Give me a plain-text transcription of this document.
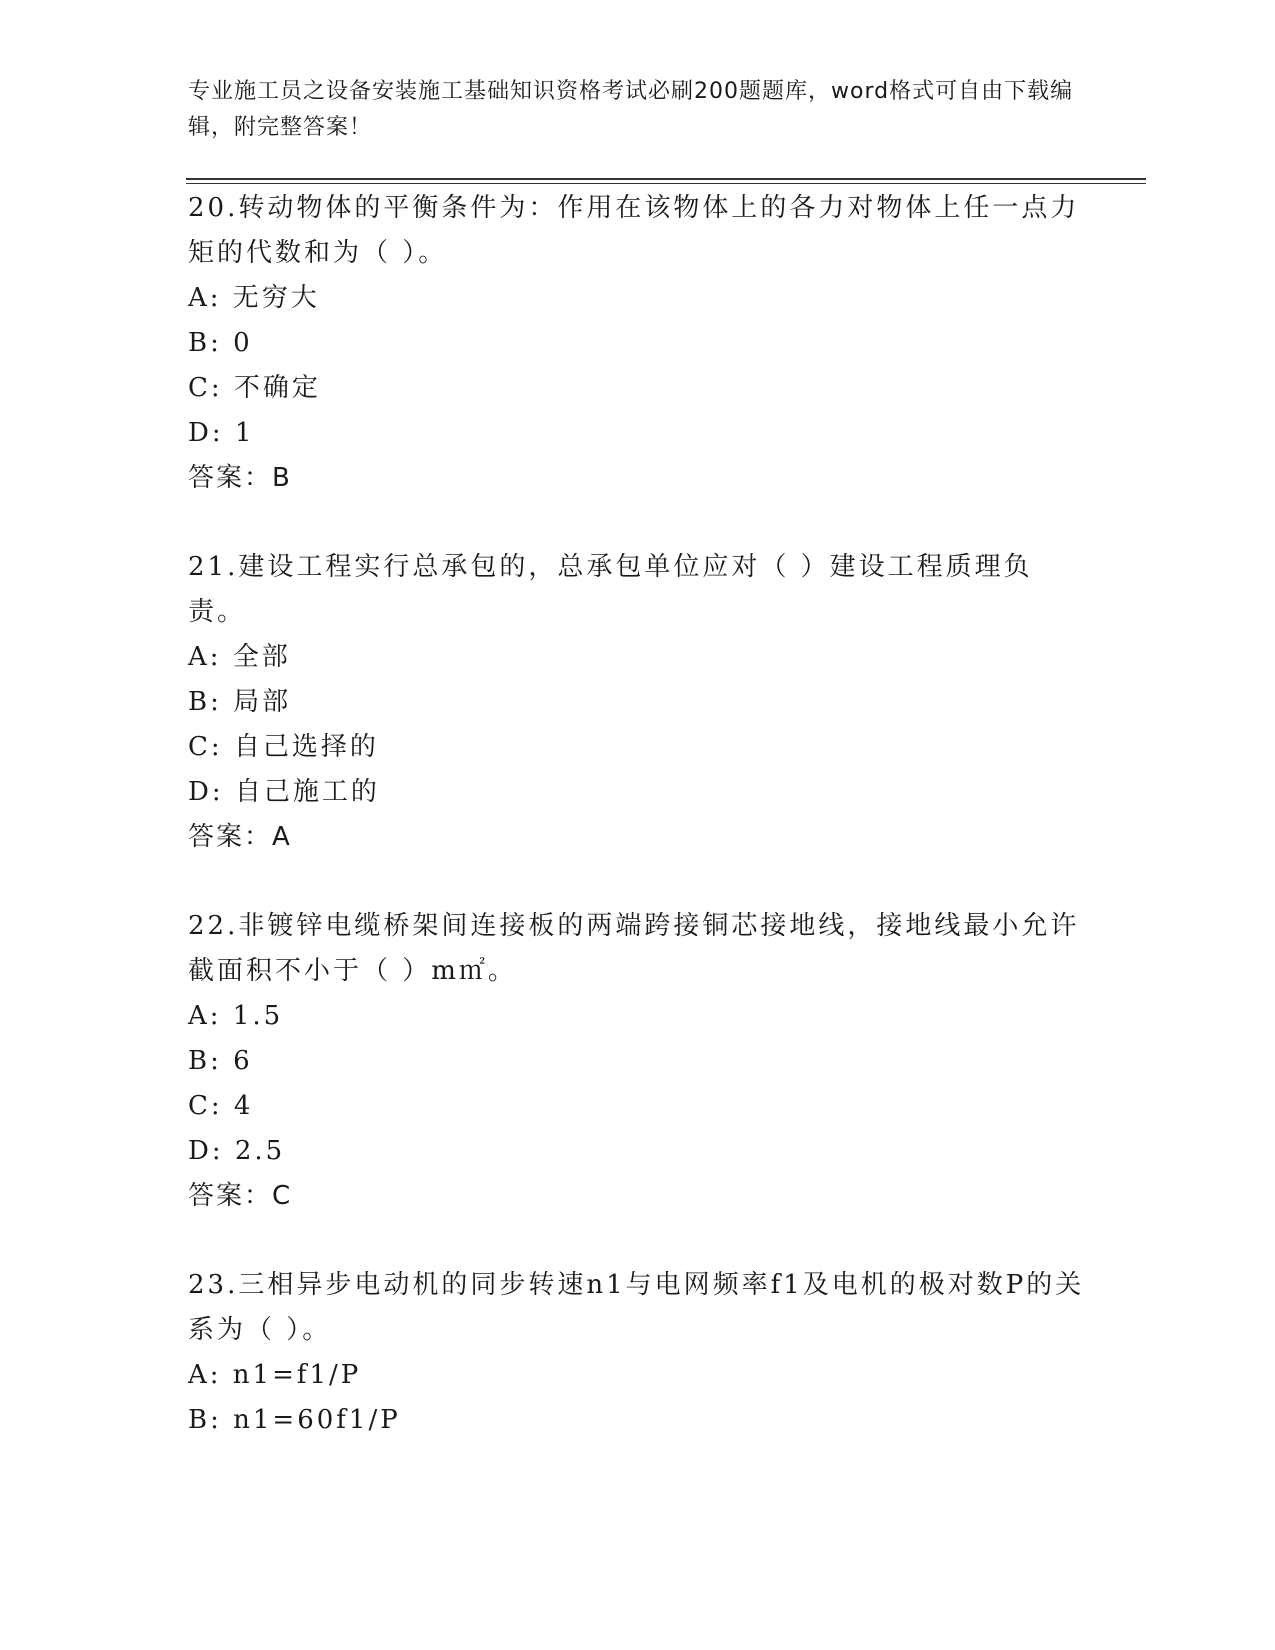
专业施工员之设备安装施工基础知识资格考试必刷200题题库，word格式可自由下载编辑，附完整答案！

20.转动物体的平衡条件为：作用在该物体上的各力对物体上任一点力矩的代数和为（ ）。

A: 无穷大

B: 0

C: 不确定

D: 1

答案：B

21.建设工程实行总承包的，总承包单位应对（ ）建设工程质理负责。

A: 全部

B: 局部

C: 自己选择的

D: 自己施工的

答案：A

22.非镀锌电缆桥架间连接板的两端跨接铜芯接地线，接地线最小允许截面积不小于（ ）m㎡。

A: 1.5

B: 6

C: 4

D: 2.5

答案：C

23.三相异步电动机的同步转速n1与电网频率f1及电机的极对数P的关系为（ ）。

A: n1=f1/P

B: n1=60f1/P
